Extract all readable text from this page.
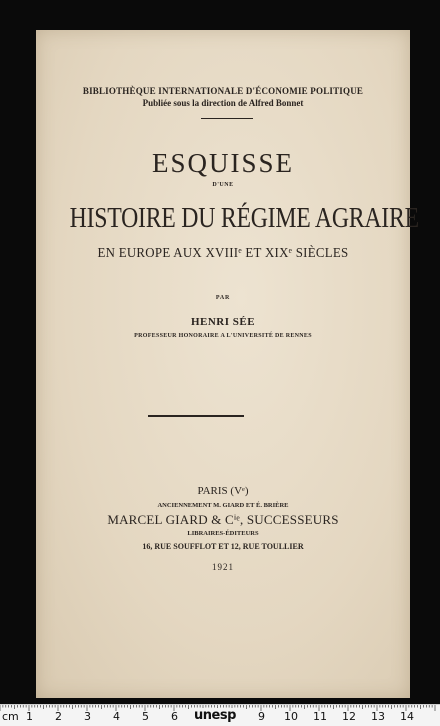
BIBLIOTHÈQUE INTERNATIONALE D'ÉCONOMIE POLITIQUE
Publiée sous la direction de Alfred Bonnet
ESQUISSE
D'UNE
HISTOIRE DU RÉGIME AGRAIRE
EN EUROPE AUX XVIIIᵉ ET XIXᵉ SIÈCLES
PAR
HENRI SÉE
PROFESSEUR HONORAIRE A L'UNIVERSITÉ DE RENNES
PARIS (Vᵉ)
ANCIENNEMENT M. GIARD ET É. BRIÈRE
MARCEL GIARD & Cⁱᵉ, SUCCESSEURS
LIBRAIRES-ÉDITEURS
16, RUE SOUFFLOT ET 12, RUE TOULLIER
1921
cm 1 2 3 4 5 6 unesp 9 10 11 12 13 14
